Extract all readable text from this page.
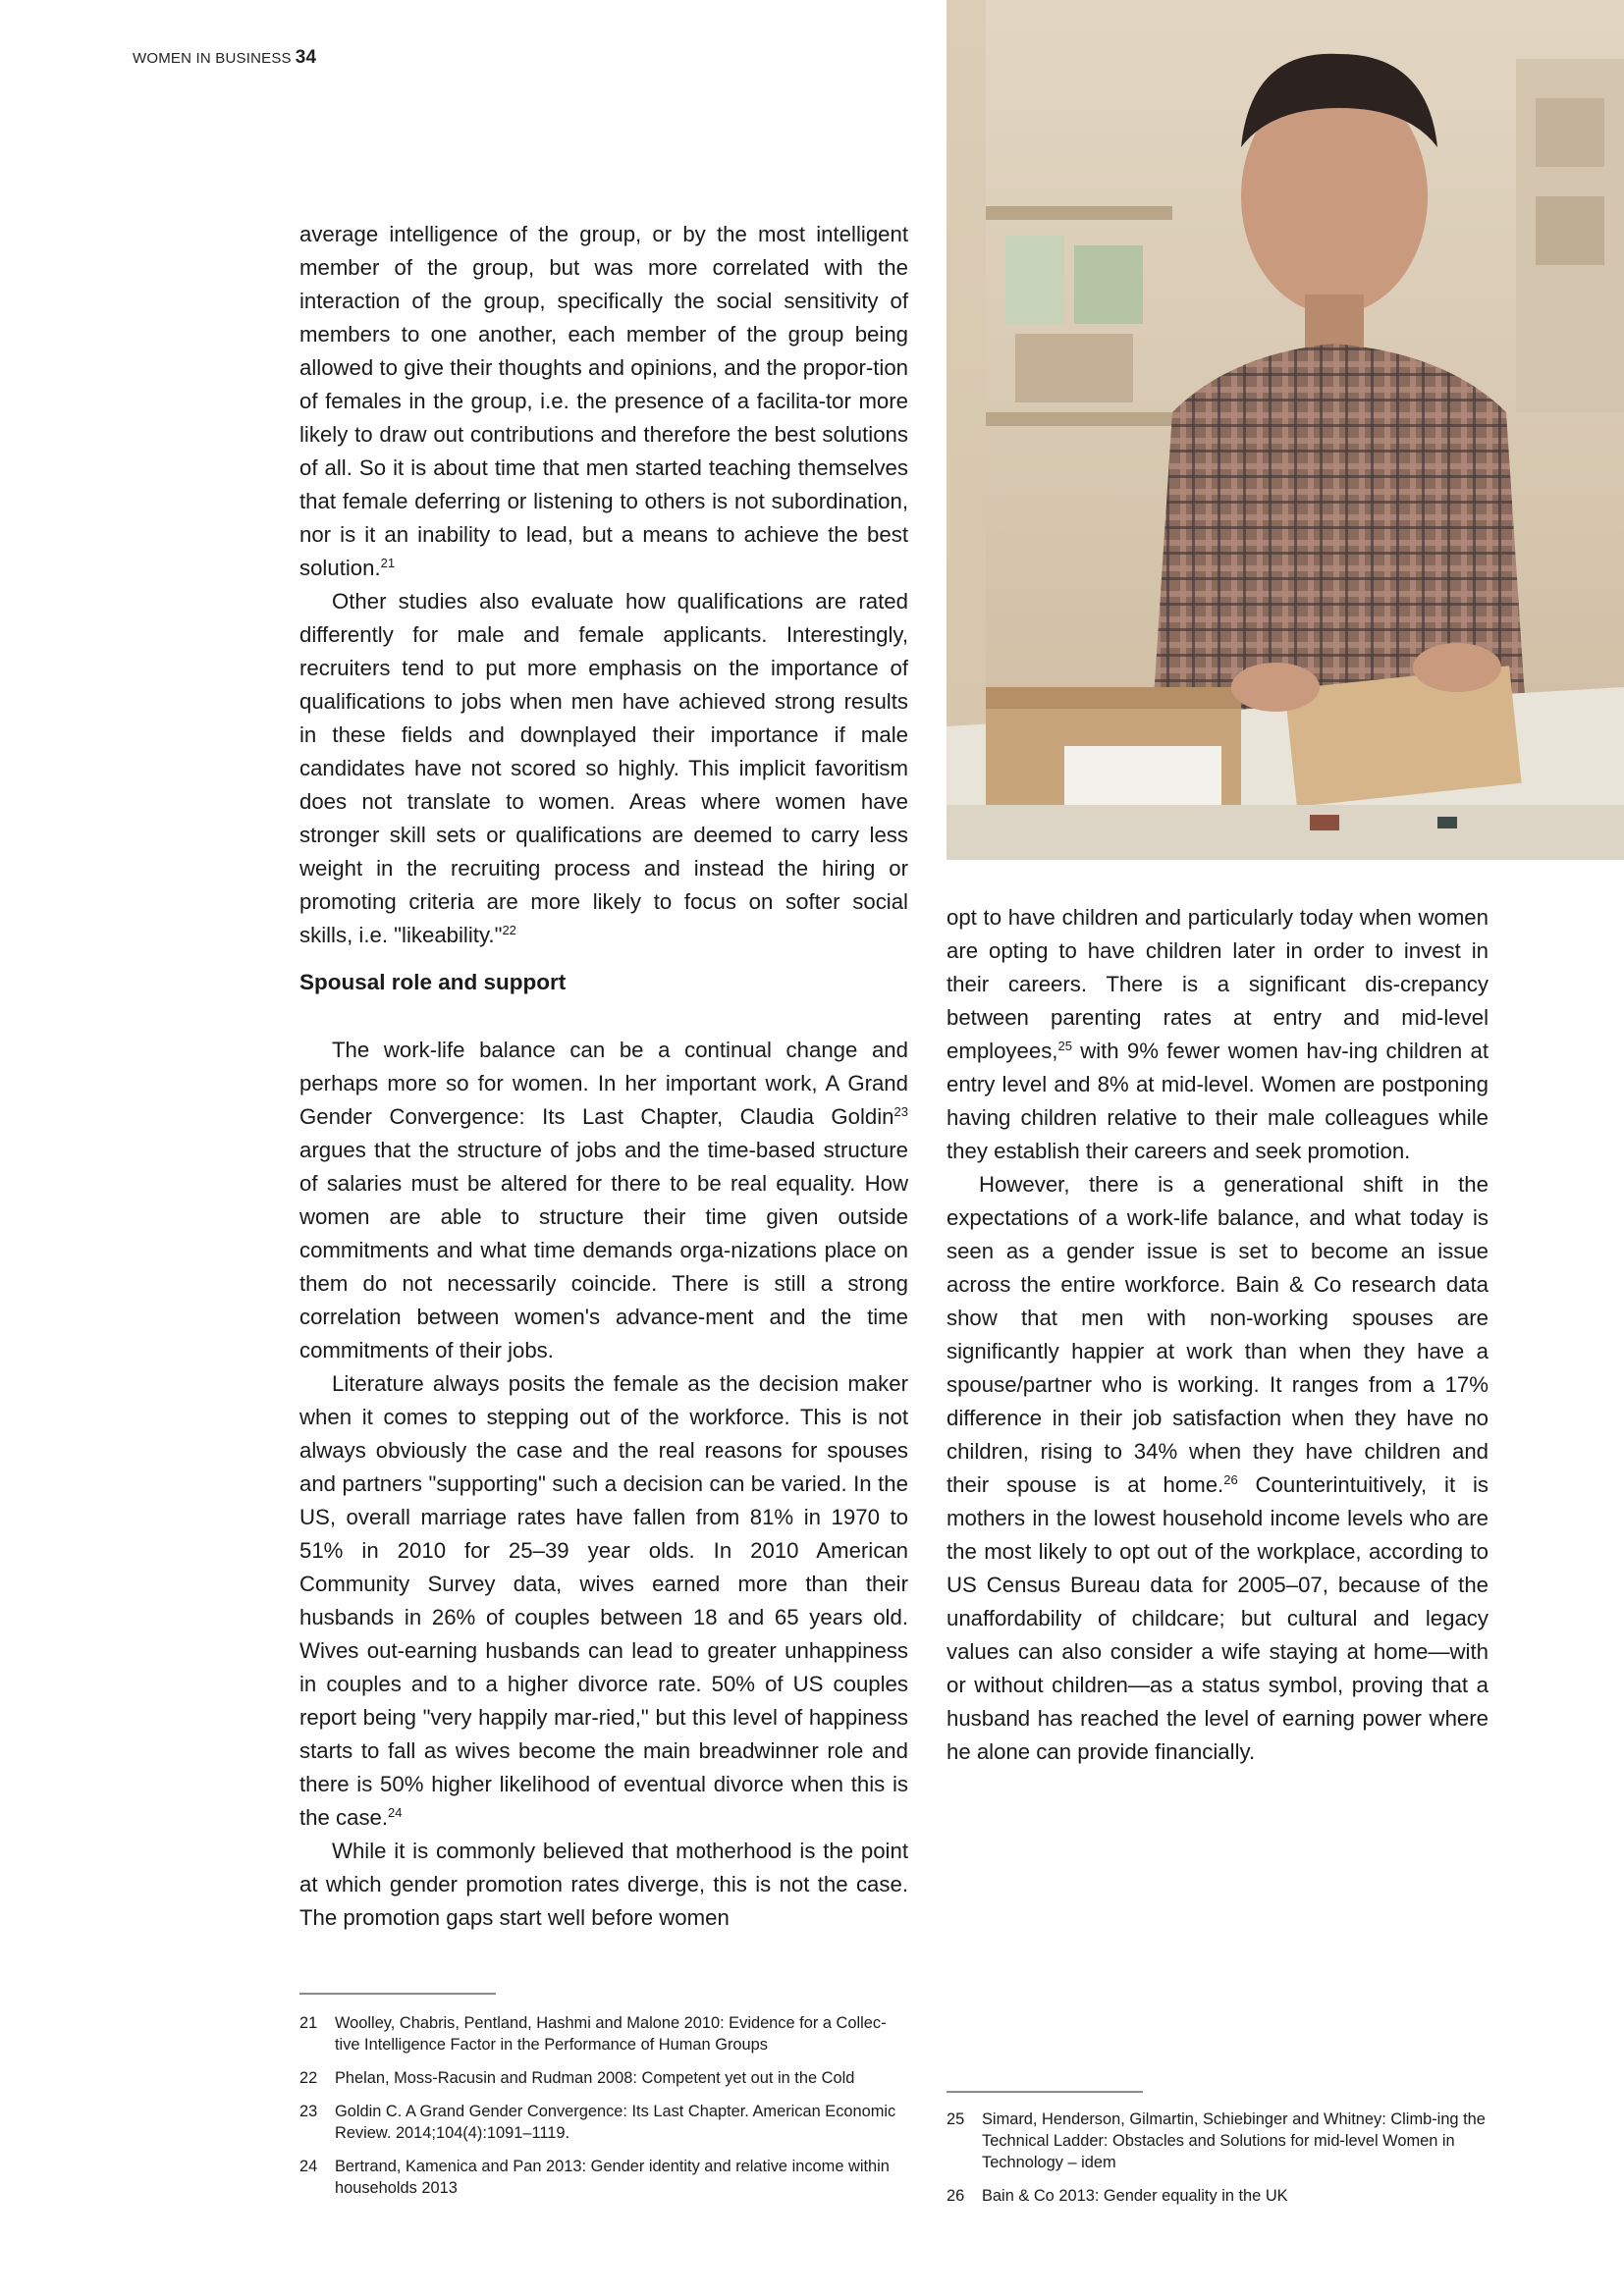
WOMEN IN BUSINESS 34

average intelligence of the group, or by the most intelligent member of the group, but was more correlated with the interaction of the group, specifically the social sensitivity of members to one another, each member of the group being allowed to give their thoughts and opinions, and the propor-tion of females in the group, i.e. the presence of a facilita-tor more likely to draw out contributions and therefore the best solutions of all. So it is about time that men started teaching themselves that female deferring or listening to others is not subordination, nor is it an inability to lead, but a means to achieve the best solution.$^{21}$

Other studies also evaluate how qualifications are rated differently for male and female applicants. Interestingly, recruiters tend to put more emphasis on the importance of qualifications to jobs when men have achieved strong results in these fields and downplayed their importance if male candidates have not scored so highly. This implicit favoritism does not translate to women. Areas where women have stronger skill sets or qualifications are deemed to carry less weight in the recruiting process and instead the hiring or promoting criteria are more likely to focus on softer social skills, i.e. "likeability."$^{22}$

Spousal role and support

The work-life balance can be a continual change and perhaps more so for women. In her important work, A Grand Gender Convergence: Its Last Chapter, Claudia Goldin$^{23}$ argues that the structure of jobs and the time-based structure of salaries must be altered for there to be real equality. How women are able to structure their time given outside commitments and what time demands orga-nizations place on them do not necessarily coincide. There is still a strong correlation between women's advance-ment and the time commitments of their jobs.

Literature always posits the female as the decision maker when it comes to stepping out of the workforce. This is not always obviously the case and the real reasons for spouses and partners "supporting" such a decision can be varied. In the US, overall marriage rates have fallen from 81% in 1970 to 51% in 2010 for 25–39 year olds. In 2010 American Community Survey data, wives earned more than their husbands in 26% of couples between 18 and 65 years old. Wives out-earning husbands can lead to greater unhappiness in couples and to a higher divorce rate. 50% of US couples report being "very happily mar-ried," but this level of happiness starts to fall as wives become the main breadwinner role and there is 50% higher likelihood of eventual divorce when this is the case.$^{24}$

While it is commonly believed that motherhood is the point at which gender promotion rates diverge, this is not the case. The promotion gaps start well before women

opt to have children and particularly today when women are opting to have children later in order to invest in their careers. There is a significant dis-crepancy between parenting rates at entry and mid-level employees,$^{25}$ with 9% fewer women hav-ing children at entry level and 8% at mid-level. Women are postponing having children relative to their male colleagues while they establish their careers and seek promotion.

However, there is a generational shift in the expectations of a work-life balance, and what today is seen as a gender issue is set to become an issue across the entire workforce. Bain & Co research data show that men with non-working spouses are significantly happier at work than when they have a spouse/partner who is working. It ranges from a 17% difference in their job satisfaction when they have no children, rising to 34% when they have children and their spouse is at home.$^{26}$ Counterintuitively, it is mothers in the lowest household income levels who are the most likely to opt out of the workplace, according to US Census Bureau data for 2005–07, because of the unaffordability of childcare; but cultural and legacy values can also consider a wife staying at home—with or without children—as a status symbol, proving that a husband has reached the level of earning power where he alone can provide financially.

21	Woolley, Chabris, Pentland, Hashmi and Malone 2010: Evidence for a Collec-tive Intelligence Factor in the Performance of Human Groups
22	Phelan, Moss-Racusin and Rudman 2008: Competent yet out in the Cold
23	Goldin C. A Grand Gender Convergence: Its Last Chapter. American Economic Review. 2014;104(4):1091–1119.
24	Bertrand, Kamenica and Pan 2013: Gender identity and relative income within households 2013
25	Simard, Henderson, Gilmartin, Schiebinger and Whitney: Climb-ing the Technical Ladder: Obstacles and Solutions for mid-level Women in Technology – idem
26	Bain & Co 2013: Gender equality in the UK
